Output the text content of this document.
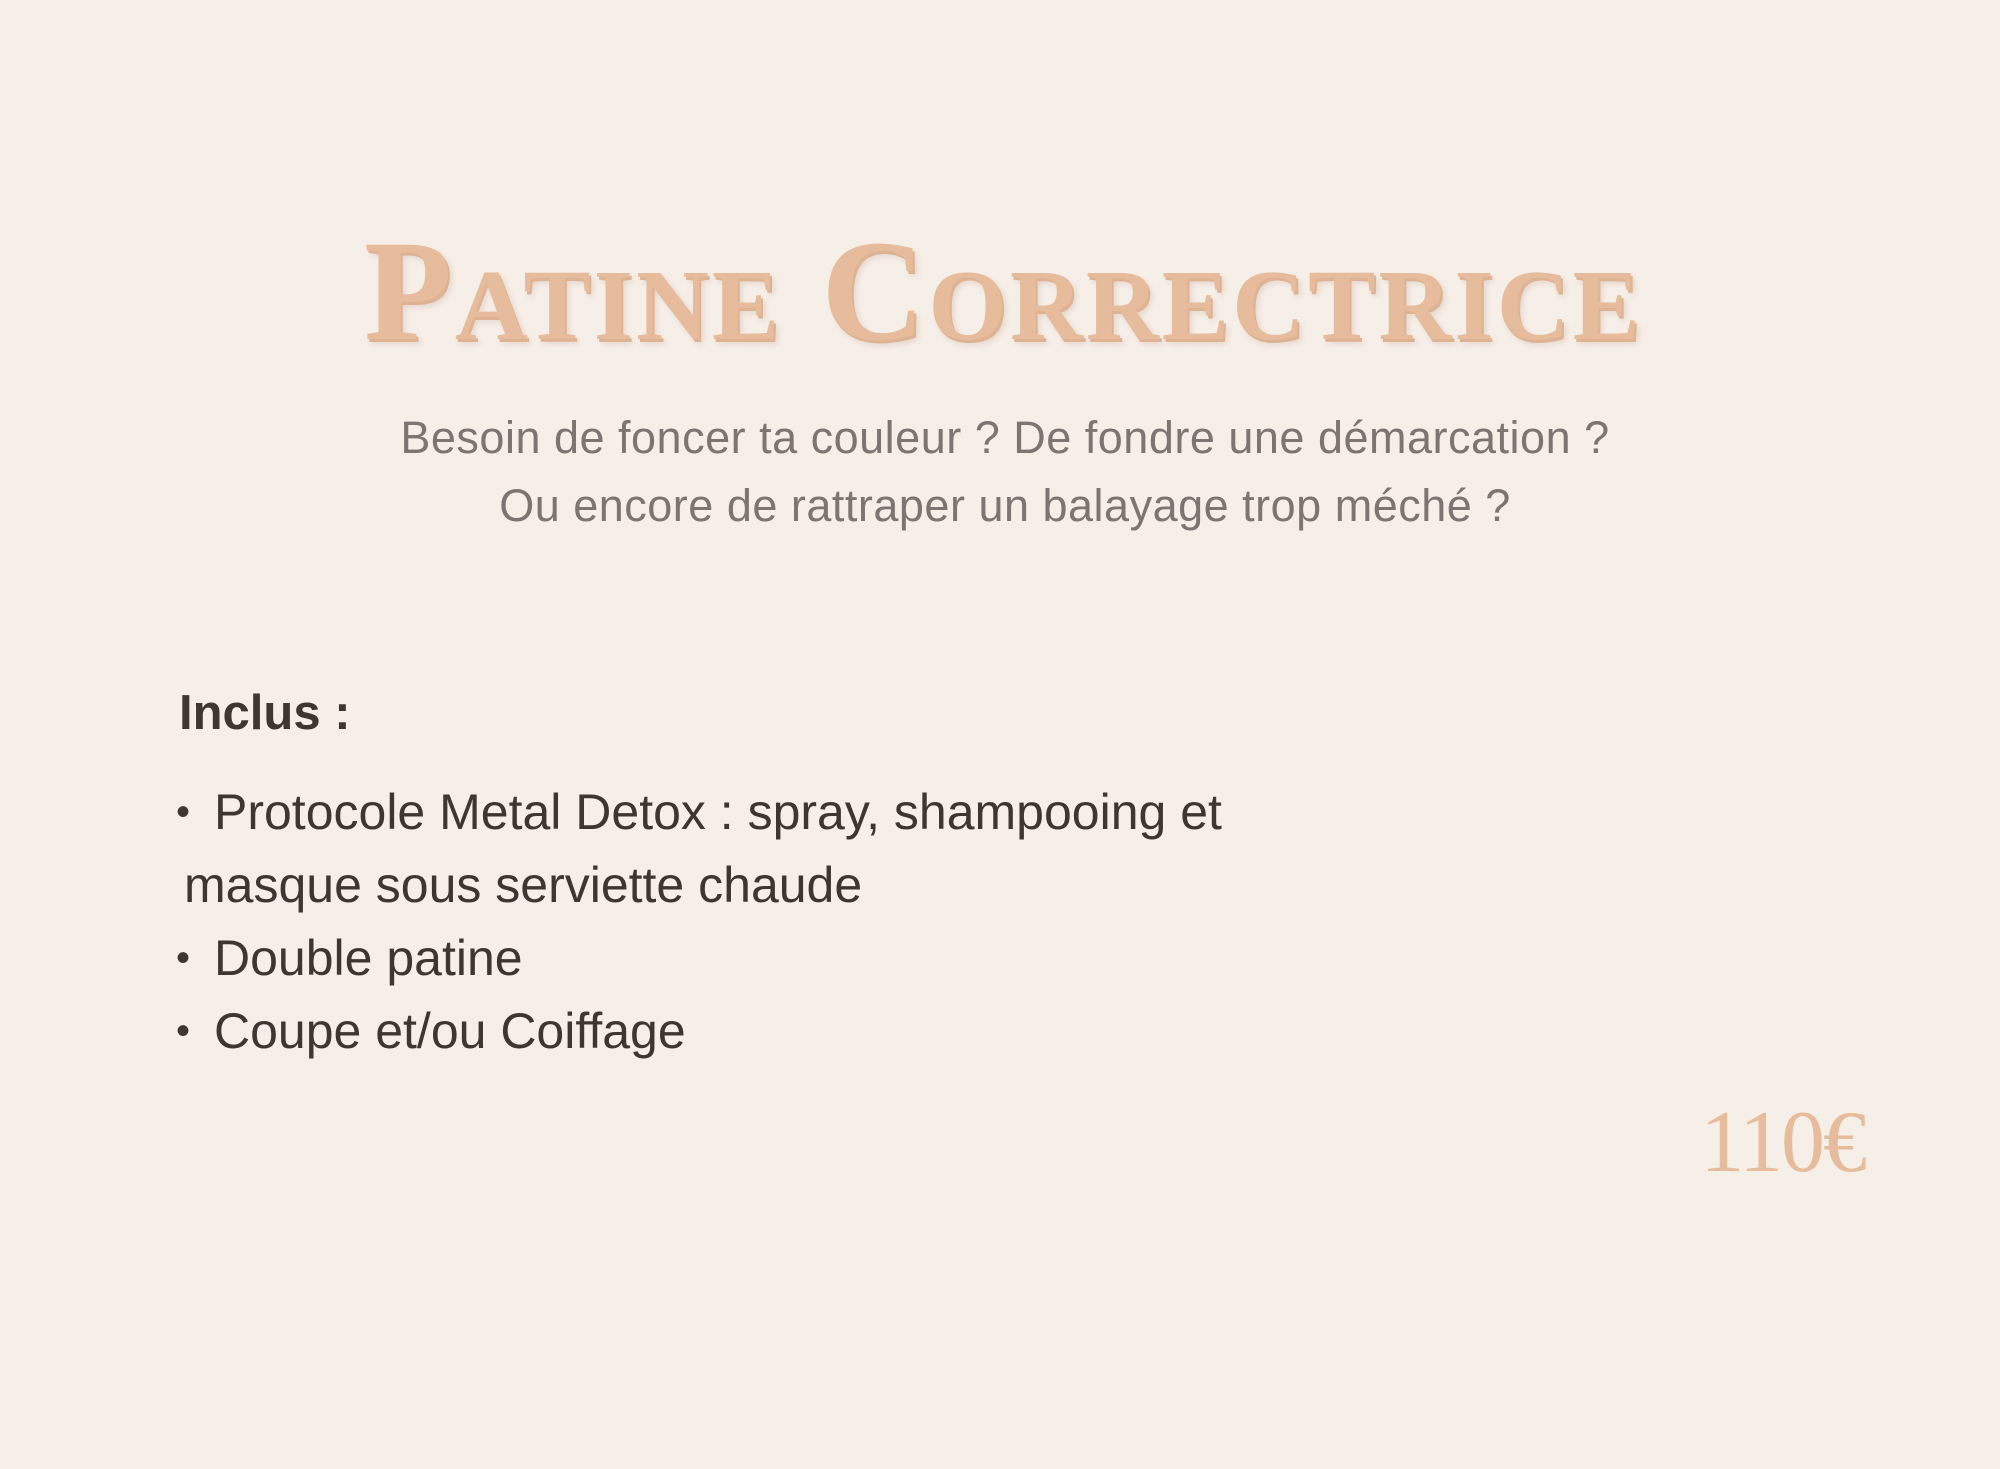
Patine Correctrice

Besoin de foncer ta couleur ? De fondre une démarcation ?
Ou encore de rattraper un balayage trop méché ?

Inclus :
• Protocole Metal Detox : spray, shampooing et
masque sous serviette chaude
• Double patine
• Coupe et/ou Coiffage

110€
